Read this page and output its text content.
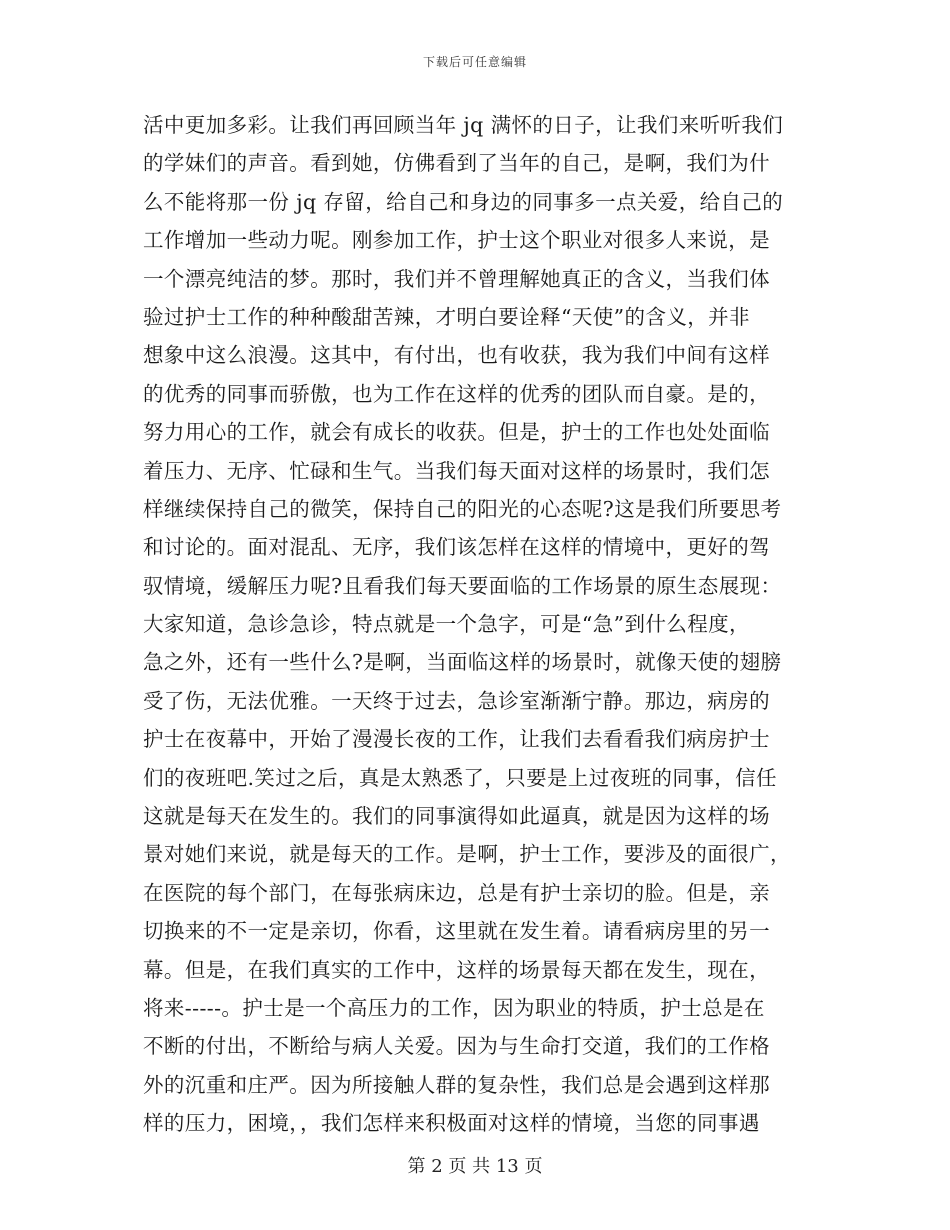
下载后可任意编辑
活中更加多彩。让我们再回顾当年 jq 满怀的日子，让我们来听听我们
的学妹们的声音。看到她，仿佛看到了当年的自己，是啊，我们为什
么不能将那一份 jq 存留，给自己和身边的同事多一点关爱，给自己的
工作增加一些动力呢。刚参加工作，护士这个职业对很多人来说，是
一个漂亮纯洁的梦。那时，我们并不曾理解她真正的含义，当我们体
验过护士工作的种种酸甜苦辣，才明白要诠释“天使”的含义，并非
想象中这么浪漫。这其中，有付出，也有收获，我为我们中间有这样
的优秀的同事而骄傲，也为工作在这样的优秀的团队而自豪。是的，
努力用心的工作，就会有成长的收获。但是，护士的工作也处处面临
着压力、无序、忙碌和生气。当我们每天面对这样的场景时，我们怎
样继续保持自己的微笑，保持自己的阳光的心态呢?这是我们所要思考
和讨论的。面对混乱、无序，我们该怎样在这样的情境中，更好的驾
驭情境，缓解压力呢?且看我们每天要面临的工作场景的原生态展现：
大家知道，急诊急诊，特点就是一个急字，可是“急”到什么程度，
急之外，还有一些什么?是啊，当面临这样的场景时，就像天使的翅膀
受了伤，无法优雅。一天终于过去，急诊室渐渐宁静。那边，病房的
护士在夜幕中，开始了漫漫长夜的工作，让我们去看看我们病房护士
们的夜班吧.笑过之后，真是太熟悉了，只要是上过夜班的同事，信任
这就是每天在发生的。我们的同事演得如此逼真，就是因为这样的场
景对她们来说，就是每天的工作。是啊，护士工作，要涉及的面很广，
在医院的每个部门，在每张病床边，总是有护士亲切的脸。但是，亲
切换来的不一定是亲切，你看，这里就在发生着。请看病房里的另一
幕。但是，在我们真实的工作中，这样的场景每天都在发生，现在，
将来-----。护士是一个高压力的工作，因为职业的特质，护士总是在
不断的付出，不断给与病人关爱。因为与生命打交道，我们的工作格
外的沉重和庄严。因为所接触人群的复杂性，我们总是会遇到这样那
样的压力，困境，，我们怎样来积极面对这样的情境，当您的同事遇
第 2 页 共 13 页
